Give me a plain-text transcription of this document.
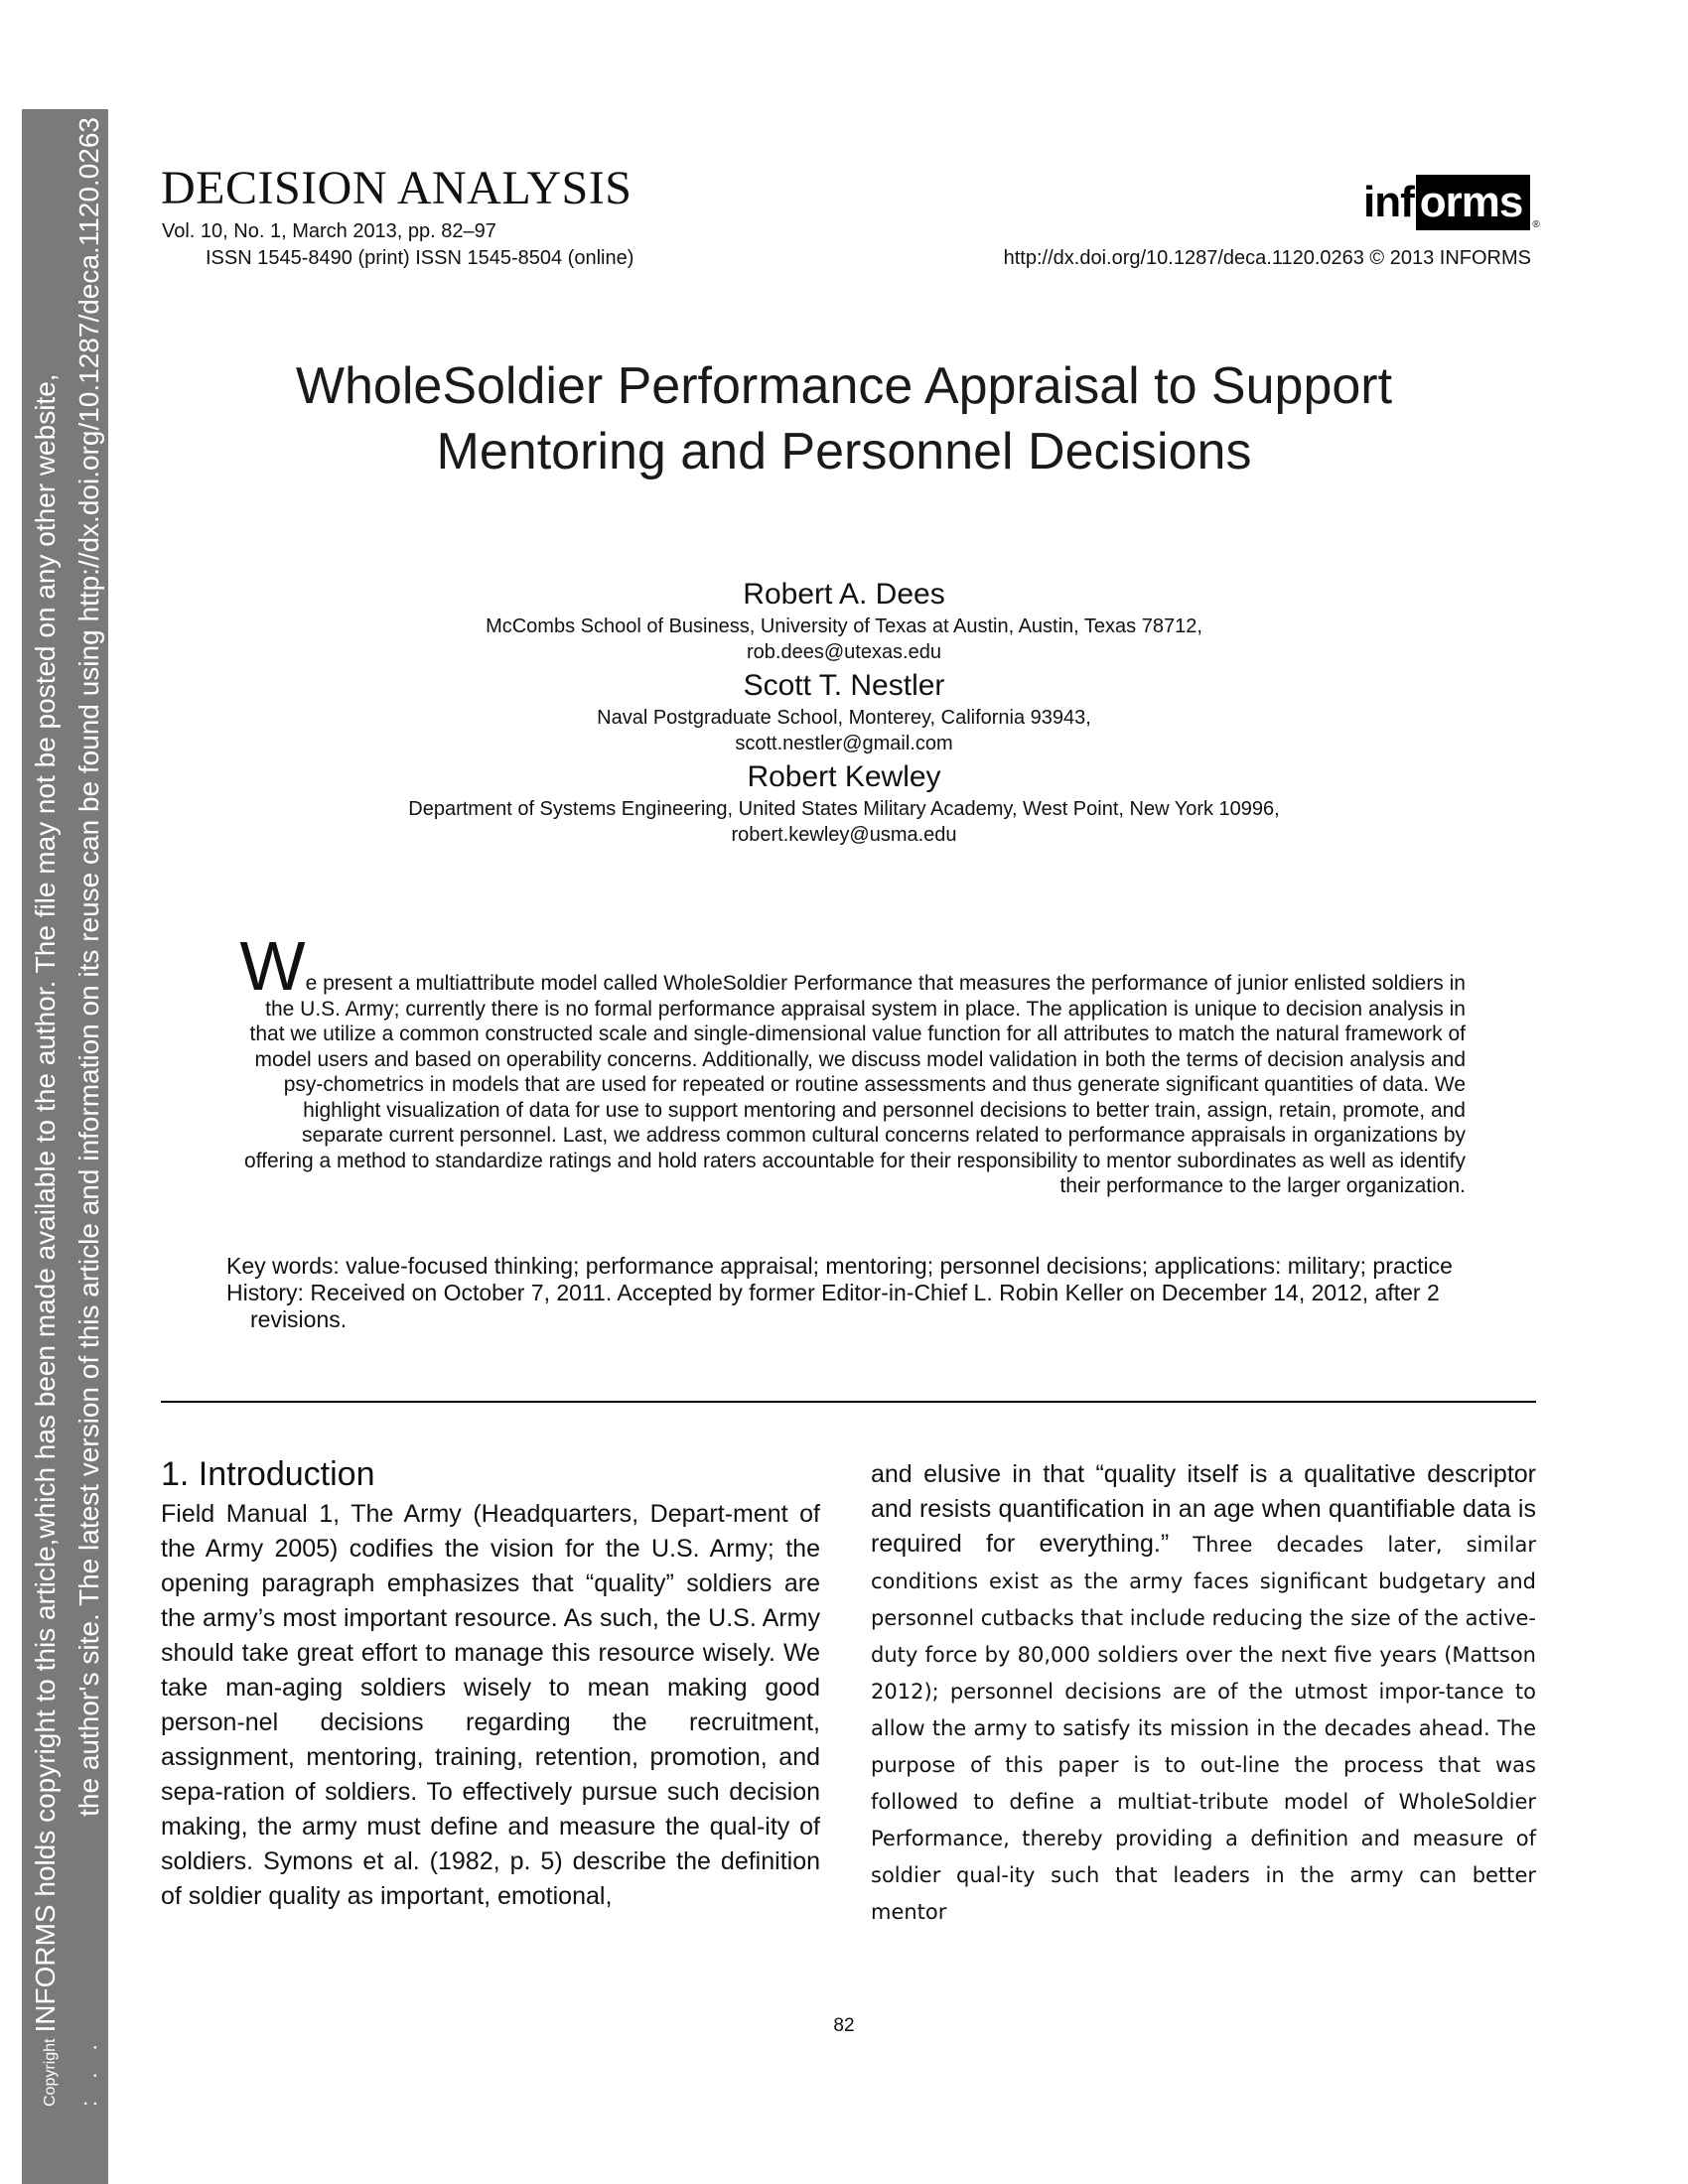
CopyrightINFORMS holds copyright to this article,which has been made available to the author. The file may not be posted on any other website,
: . .
the author's site. The latest version of this article and information on its reuse can be found using http://dx.doi.org/10.1287/deca.1120.0263 DECISION ANALYSIS
Vol. 10, No. 1, March 2013, pp. 82–97
ISSN 1545-8490 (print) ISSN 1545-8504 (online)	http://dx.doi.org/10.1287/deca.1120.0263 © 2013 INFORMS
inf orms	®
WholeSoldier Performance Appraisal to Support
Mentoring and Personnel Decisions
Robert A. Dees
McCombs School of Business, University of Texas at Austin, Austin, Texas 78712,
rob.dees@utexas.edu
Scott T. Nestler
Naval Postgraduate School, Monterey, California 93943,
scott.nestler@gmail.com
Robert Kewley
Department of Systems Engineering, United States Military Academy, West Point, New York 10996,
robert.kewley@usma.edu
We present a multiattribute model called WholeSoldier Performance that measures the performance of junior enlisted soldiers in the U.S. Army; currently there is no formal performance appraisal system in place. The application is unique to decision analysis in that we utilize a common constructed scale and single-dimensional value function for all attributes to match the natural framework of model users and based on operability concerns. Additionally, we discuss model validation in both the terms of decision analysis and psy-chometrics in models that are used for repeated or routine assessments and thus generate significant quantities of data. We highlight visualization of data for use to support mentoring and personnel decisions to better train, assign, retain, promote, and separate current personnel. Last, we address common cultural concerns related to performance appraisals in organizations by offering a method to standardize ratings and hold raters accountable for their responsibility to mentor subordinates as well as identify their performance to the larger organization.

Key words: value-focused thinking; performance appraisal; mentoring; personnel decisions; applications: military; practice

History: Received on October 7, 2011. Accepted by former Editor-in-Chief L. Robin Keller on December 14, 2012, after 2 revisions.

1. Introduction
Field Manual 1, The Army (Headquarters, Depart-ment of the Army 2005) codifies the vision for the U.S. Army; the opening paragraph emphasizes that “quality” soldiers are the army’s most important resource. As such, the U.S. Army should take great effort to manage this resource wisely. We take man-aging soldiers wisely to mean making good person-nel decisions regarding the recruitment, assignment, mentoring, training, retention, promotion, and sepa-ration of soldiers. To effectively pursue such decision making, the army must define and measure the qual-ity of soldiers. Symons et al. (1982, p. 5) describe the definition of soldier quality as important, emotional,
and elusive in that “quality itself is a qualitative descriptor and resists quantification in an age when quantifiable data is required for everything.” Three decades later, similar conditions exist as the army faces significant budgetary and personnel cutbacks that include reducing the size of the active-duty force by 80,000 soldiers over the next five years (Mattson 2012); personnel decisions are of the utmost impor-tance to allow the army to satisfy its mission in the decades ahead. The purpose of this paper is to out-line the process that was followed to define a multiat-tribute model of WholeSoldier Performance, thereby providing a definition and measure of soldier qual-ity such that leaders in the army can better mentor
82
